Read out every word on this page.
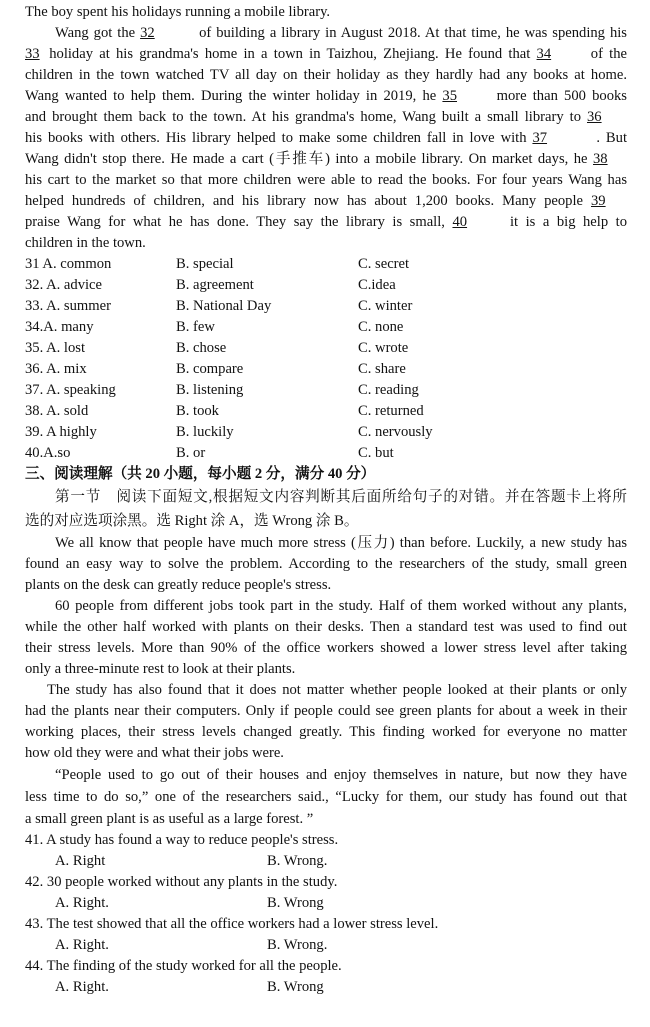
The boy spent his holidays running a mobile library.
Wang got the 32	of building a library in August 2018. At that time, he was spending his
33 holiday at his grandma's home in a town in Taizhou, Zhejiang. He found that 34 of the
children in the town watched TV all day on their holiday as they hardly had any books at home.
Wang wanted to help them. During the winter holiday in 2019, he 35 more than 500 books
and brought them back to the town. At his grandma's home, Wang built a small library to 36
his books with others. His library helped to make some children fall in love with 37	. But
Wang didn't stop there. He made a cart (手推车) into a mobile library. On market days, he 38
his cart to the market so that more children were able to read the books. For four years Wang has
helped hundreds of children, and his library now has about 1,200 books. Many people 39
praise Wang for what he has done. They say the library is small, 40 it is a big help to
children in the town.
31 A. common	B. special	C. secret
32. A. advice	B. agreement	C.idea
33. A. summer	B. National Day	C. winter
34.A. many	B. few	C. none
35. A. lost	B. chose	C. wrote
36. A. mix	B. compare	C. share
37. A. speaking	B. listening	C. reading
38. A. sold	B. took	C. returned
39. A highly	B. luckily	C. nervously
40.A.so	B. or	C. but
三、阅读理解（共 20 小题，每小题 2 分，满分 40 分）
第一节　阅读下面短文,根据短文内容判断其后面所给句子的对错。并在答题卡上将所
选的对应选项涂黑。选 Right 涂 A，选 Wrong 涂 B。
We all know that people have much more stress (压力) than before. Luckily, a new study has
found an easy way to solve the problem. According to the researchers of the study, small green
plants on the desk can greatly reduce people's stress.
60 people from different jobs took part in the study. Half of them worked without any plants,
while the other half worked with plants on their desks. Then a standard test was used to find out
their stress levels. More than 90% of the office workers showed a lower stress level after taking
only a three-minute rest to look at their plants.
The study has also found that it does not matter whether people looked at their plants or only
had the plants near their computers. Only if people could see green plants for about a week in their
working places, their stress levels changed greatly. This finding worked for everyone no matter
how old they were and what their jobs were.
“People used to go out of their houses and enjoy themselves in nature, but now they have
less time to do so,” one of the researchers said., “Lucky for them, our study has found out that
a small green plant is as useful as a large forest. ”
41. A study has found a way to reduce people's stress.
A. Right	B. Wrong.
42. 30 people worked without any plants in the study.
A. Right.	B. Wrong
43. The test showed that all the office workers had a lower stress level.
A. Right.	B. Wrong.
44. The finding of the study worked for all the people.
A. Right.	B. Wrong
